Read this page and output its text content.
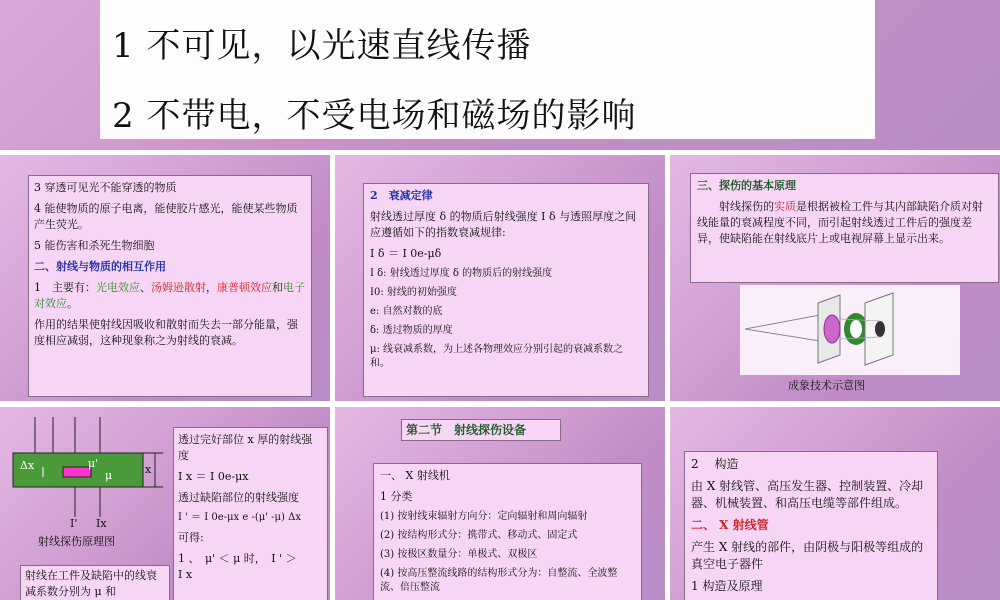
1 不可见，以光速直线传播
2 不带电，不受电场和磁场的影响

3 穿透可见光不能穿透的物质

4 能使物质的原子电离，能使胶片感光，能使某些物质产生荧光。

5 能伤害和杀死生物细胞

二、射线与物质的相互作用

1　主要有：光电效应、汤姆逊散射，康普顿效应和电子对效应。

作用的结果使射线因吸收和散射而失去一部分能量，强度相应减弱，这种现象称之为射线的衰减。

2　衰减定律

射线透过厚度 δ 的物质后射线强度 I δ 与透照厚度之间应遵循如下的指数衰减规律:

I δ ＝ I 0e-μδ

I δ: 射线透过厚度 δ 的物质后的射线强度

I0: 射线的初始强度

e: 自然对数的底

δ: 透过物质的厚度

μ: 线衰减系数，为上述各物理效应分别引起的衰减系数之和。

三、探伤的基本原理

射线探伤的实质是根据被检工件与其内部缺陷介质对射线能量的衰减程度不同，而引起射线透过工件后的强度差异，使缺陷能在射线底片上或电视屏幕上显示出来。

成象技术示意图
Δx	μ'
μ	x
I' Ix
射线探伤原理图

透过完好部位 x 厚的射线强度

I x ＝ I 0e-μx

透过缺陷部位的射线强度

I ' ＝ I 0e-μx e -(μ' -μ) Δx

可得:

1 、　μ' ＜ μ 时，　I ' ＞

I x

射线在工件及缺陷中的线衰减系数分别为 μ 和

第二节　射线探伤设备

一、 X 射线机

1 分类

(1) 按射线束辐射方向分：定向辐射和周向辐射

(2) 按结构形式分：携带式、移动式、固定式

(3) 按极区数量分：单极式、双极区

(4) 按高压整流线路的结构形式分为：自整流、全波整流、倍压整流

2　 构造

由 X 射线管、高压发生器、控制装置、冷却器、机械装置、和高压电缆等部件组成。

二、 X 射线管

产生 X 射线的部件，由阴极与阳极等组成的真空电子器件

1 构造及原理
